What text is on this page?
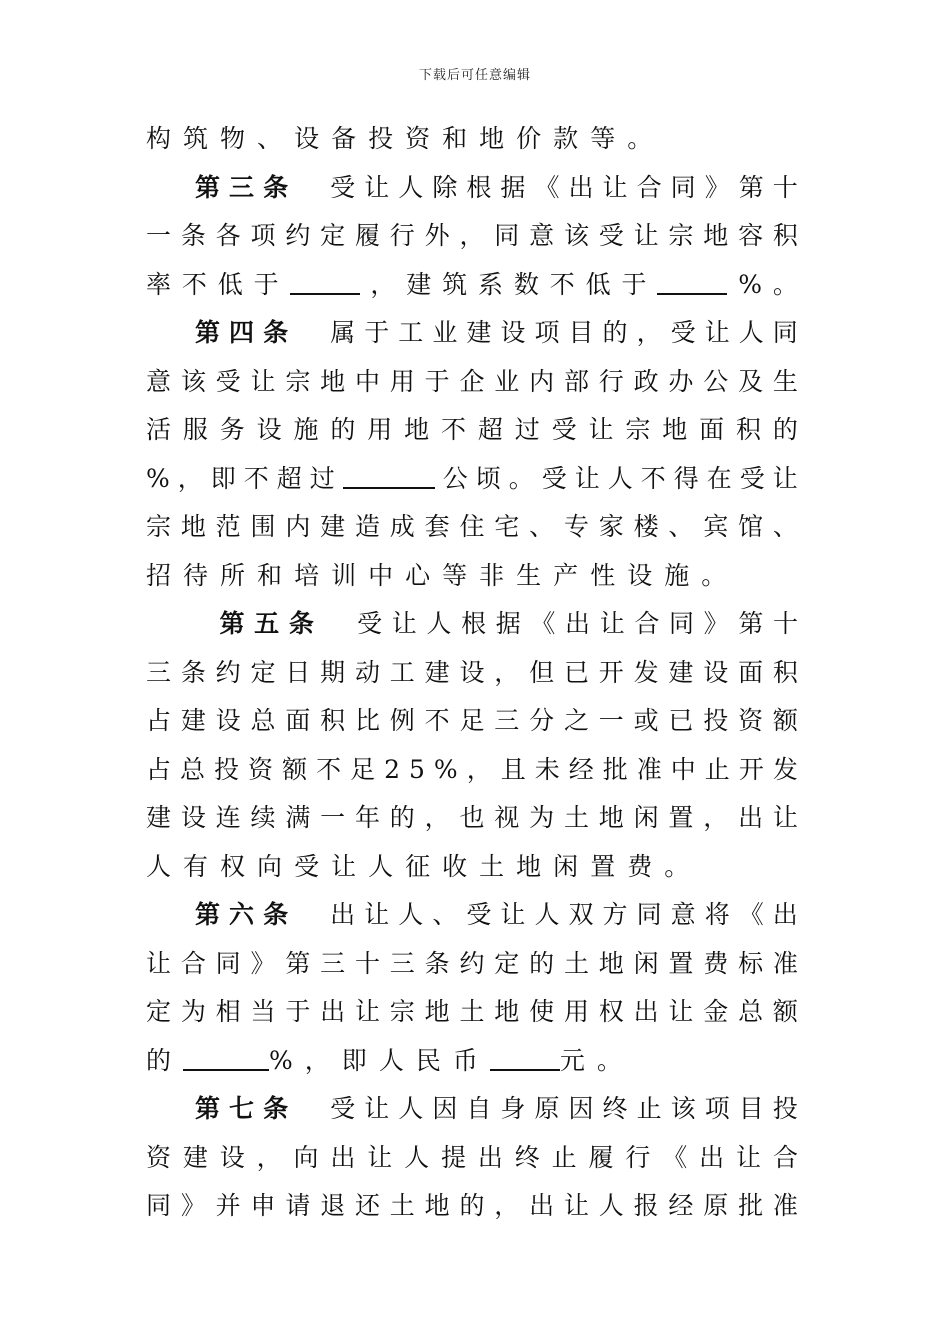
下载后可任意编辑
构 筑 物 、 设 备 投 资 和 地 价 款 等 。
第 三 条 受 让 人 除 根 据 《 出 让 合 同 》 第 十
一 条 各 项 约 定 履 行 外 ， 同 意 该 受 让 宗 地 容 积
率 不 低 于	， 建 筑 系 数 不 低 于	% 。
第 四 条 属 于 工 业 建 设 项 目 的 ， 受 让 人 同
意 该 受 让 宗 地 中 用 于 企 业 内 部 行 政 办 公 及 生
活 服 务 设 施 的 用 地 不 超 过 受 让 宗 地 面 积 的
% ， 即 不 超 过	公 顷 。 受 让 人 不 得 在 受 让
宗 地 范 围 内 建 造 成 套 住 宅 、 专 家 楼 、 宾 馆 、
招 待 所 和 培 训 中 心 等 非 生 产 性 设 施 。
第 五 条 受 让 人 根 据 《 出 让 合 同 》 第 十
三 条 约 定 日 期 动 工 建 设 ， 但 已 开 发 建 设 面 积
占 建 设 总 面 积 比 例 不 足 三 分 之 一 或 已 投 资 额
占 总 投 资 额 不 足 2 5 % ， 且 未 经 批 准 中 止 开 发
建 设 连 续 满 一 年 的 ， 也 视 为 土 地 闲 置 ， 出 让
人 有 权 向 受 让 人 征 收 土 地 闲 置 费 。
第 六 条 出 让 人 、 受 让 人 双 方 同 意 将 《 出
让 合 同 》 第 三 十 三 条 约 定 的 土 地 闲 置 费 标 准
定 为 相 当 于 出 让 宗 地 土 地 使 用 权 出 让 金 总 额
的	% ， 即 人 民 币	元 。
第 七 条 受 让 人 因 自 身 原 因 终 止 该 项 目 投
资 建 设 ， 向 出 让 人 提 出 终 止 履 行 《 出 让 合
同 》 并 申 请 退 还 土 地 的 ， 出 让 人 报 经 原 批 准
